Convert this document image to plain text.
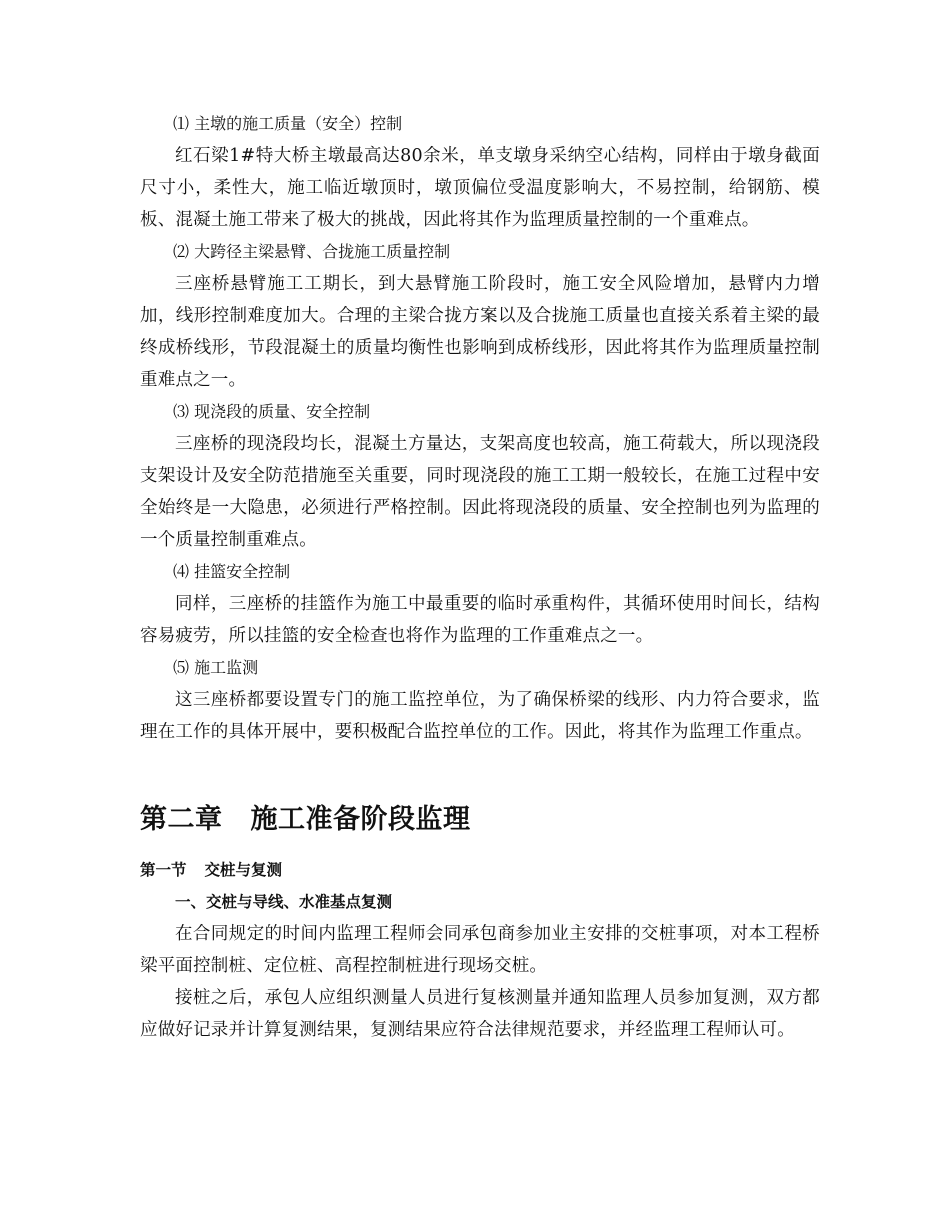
⑴ 主墩的施工质量（安全）控制
红石梁1#特大桥主墩最高达80余米，单支墩身采纳空心结构，同样由于墩身截面尺寸小，柔性大，施工临近墩顶时，墩顶偏位受温度影响大，不易控制，给钢筋、模板、混凝土施工带来了极大的挑战，因此将其作为监理质量控制的一个重难点。
⑵ 大跨径主梁悬臂、合拢施工质量控制
三座桥悬臂施工工期长，到大悬臂施工阶段时，施工安全风险增加，悬臂内力增加，线形控制难度加大。合理的主梁合拢方案以及合拢施工质量也直接关系着主梁的最终成桥线形，节段混凝土的质量均衡性也影响到成桥线形，因此将其作为监理质量控制重难点之一。
⑶ 现浇段的质量、安全控制
三座桥的现浇段均长，混凝土方量达，支架高度也较高，施工荷载大，所以现浇段支架设计及安全防范措施至关重要，同时现浇段的施工工期一般较长，在施工过程中安全始终是一大隐患，必须进行严格控制。因此将现浇段的质量、安全控制也列为监理的一个质量控制重难点。
⑷ 挂篮安全控制
同样，三座桥的挂篮作为施工中最重要的临时承重构件，其循环使用时间长，结构容易疲劳，所以挂篮的安全检查也将作为监理的工作重难点之一。
⑸ 施工监测
这三座桥都要设置专门的施工监控单位，为了确保桥梁的线形、内力符合要求，监理在工作的具体开展中，要积极配合监控单位的工作。因此，将其作为监理工作重点。
第二章 施工准备阶段监理
第一节 交桩与复测
一、交桩与导线、水准基点复测
在合同规定的时间内监理工程师会同承包商参加业主安排的交桩事项，对本工程桥梁平面控制桩、定位桩、高程控制桩进行现场交桩。
接桩之后，承包人应组织测量人员进行复核测量并通知监理人员参加复测，双方都应做好记录并计算复测结果，复测结果应符合法律规范要求，并经监理工程师认可。
